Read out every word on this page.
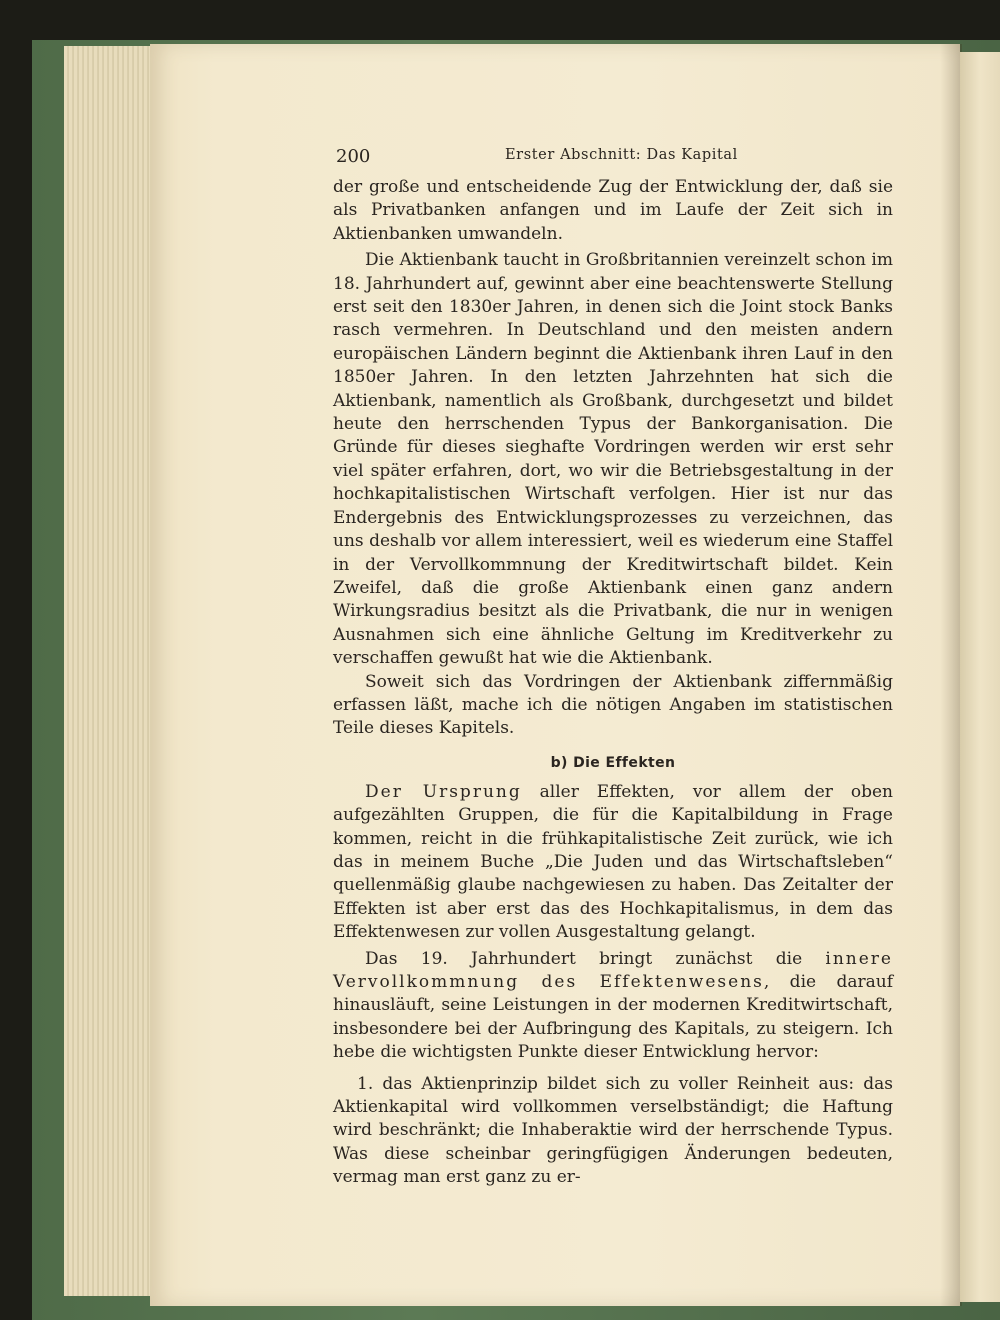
200	Erster Abschnitt: Das Kapital

der große und entscheidende Zug der Entwicklung der, daß sie als Privatbanken anfangen und im Laufe der Zeit sich in Aktienbanken umwandeln.

Die Aktienbank taucht in Großbritannien vereinzelt schon im 18. Jahrhundert auf, gewinnt aber eine beachtenswerte Stellung erst seit den 1830er Jahren, in denen sich die Joint stock Banks rasch vermehren. In Deutschland und den meisten andern europäischen Ländern beginnt die Aktienbank ihren Lauf in den 1850er Jahren. In den letzten Jahrzehnten hat sich die Aktienbank, namentlich als Großbank, durchgesetzt und bildet heute den herrschenden Typus der Bankorganisation. Die Gründe für dieses sieghafte Vordringen werden wir erst sehr viel später erfahren, dort, wo wir die Betriebsgestaltung in der hochkapitalistischen Wirtschaft verfolgen. Hier ist nur das Endergebnis des Entwicklungsprozesses zu verzeichnen, das uns deshalb vor allem interessiert, weil es wiederum eine Staffel in der Vervollkommnung der Kreditwirtschaft bildet. Kein Zweifel, daß die große Aktienbank einen ganz andern Wirkungsradius besitzt als die Privatbank, die nur in wenigen Ausnahmen sich eine ähnliche Geltung im Kreditverkehr zu verschaffen gewußt hat wie die Aktienbank.

Soweit sich das Vordringen der Aktienbank ziffernmäßig erfassen läßt, mache ich die nötigen Angaben im statistischen Teile dieses Kapitels.

b) Die Effekten

Der Ursprung aller Effekten, vor allem der oben aufgezählten Gruppen, die für die Kapitalbildung in Frage kommen, reicht in die frühkapitalistische Zeit zurück, wie ich das in meinem Buche „Die Juden und das Wirtschaftsleben“ quellenmäßig glaube nachgewiesen zu haben. Das Zeitalter der Effekten ist aber erst das des Hochkapitalismus, in dem das Effektenwesen zur vollen Ausgestaltung gelangt.

Das 19. Jahrhundert bringt zunächst die innere Vervollkommnung des Effektenwesens, die darauf hinausläuft, seine Leistungen in der modernen Kreditwirtschaft, insbesondere bei der Aufbringung des Kapitals, zu steigern. Ich hebe die wichtigsten Punkte dieser Entwicklung hervor:

1. das Aktienprinzip bildet sich zu voller Reinheit aus: das Aktienkapital wird vollkommen verselbständigt; die Haftung wird beschränkt; die Inhaberaktie wird der herrschende Typus. Was diese scheinbar geringfügigen Änderungen bedeuten, vermag man erst ganz zu er-
